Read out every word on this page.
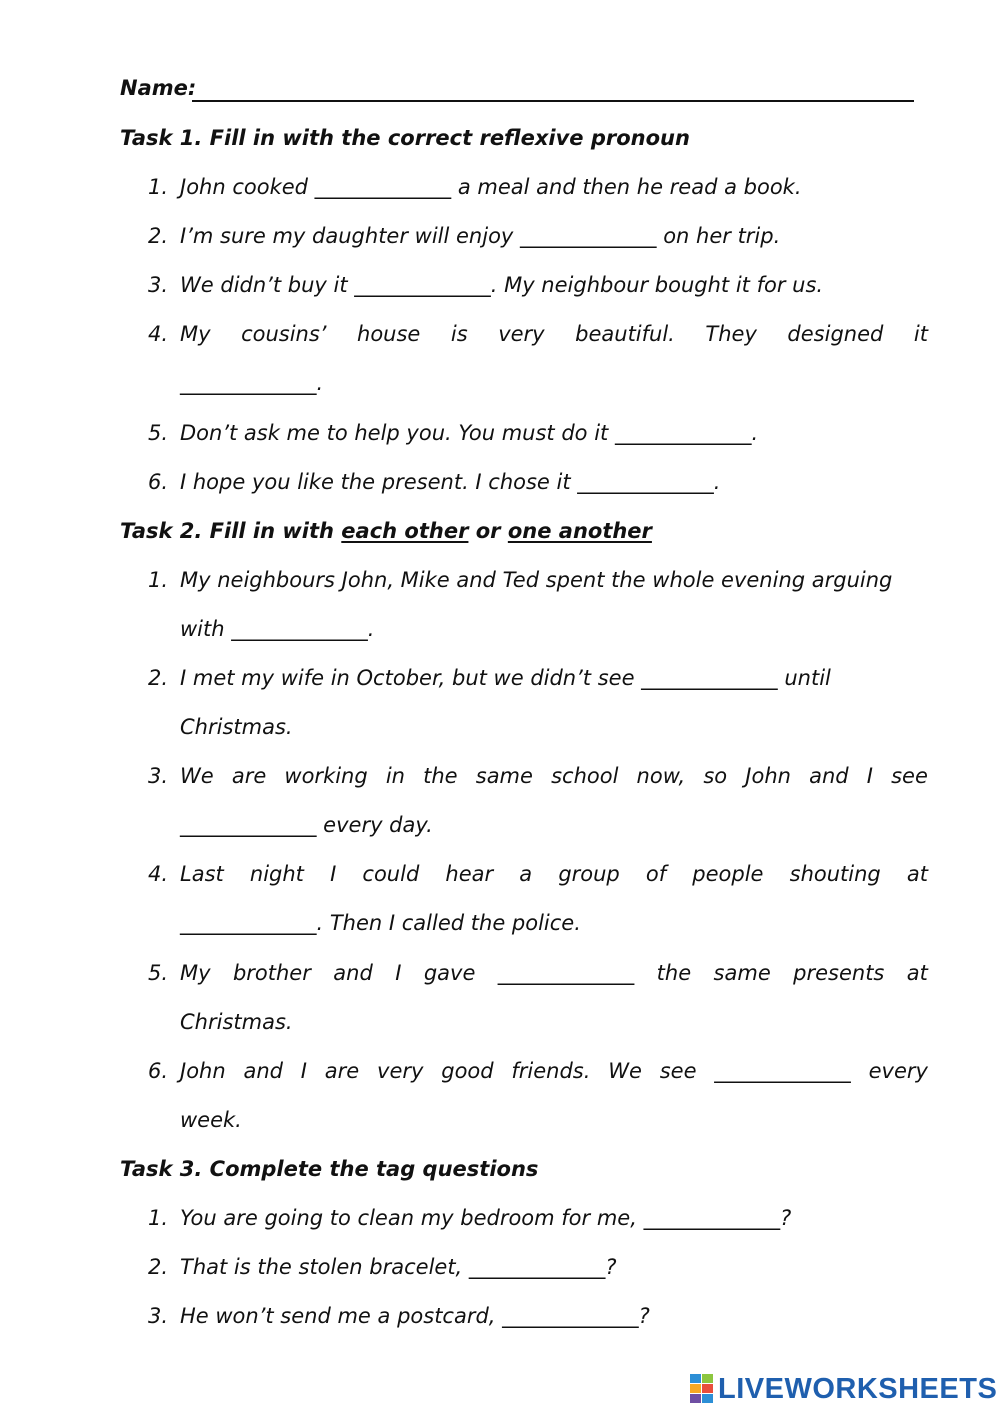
Name:
Task 1. Fill in with the correct reflexive pronoun
1. John cooked _____________ a meal and then he read a book.
2. I’m sure my daughter will enjoy _____________ on her trip.
3. We didn’t buy it _____________. My neighbour bought it for us.
4. My cousins’ house is very beautiful. They designed it
_____________.
5. Don’t ask me to help you. You must do it _____________.
6. I hope you like the present. I chose it _____________.
Task 2. Fill in with each other or one another
1. My neighbours John, Mike and Ted spent the whole evening arguing
with _____________.
2. I met my wife in October, but we didn’t see _____________ until
Christmas.
3. We are working in the same school now, so John and I see
_____________ every day.
4. Last night I could hear a group of people shouting at
_____________. Then I called the police.
5. My brother and I gave _____________ the same presents at
Christmas.
6. John and I are very good friends. We see _____________ every
week.
Task 3. Complete the tag questions
1. You are going to clean my bedroom for me, _____________?
2. That is the stolen bracelet, _____________?
3. He won’t send me a postcard, _____________?
LIVEWORKSHEETS
